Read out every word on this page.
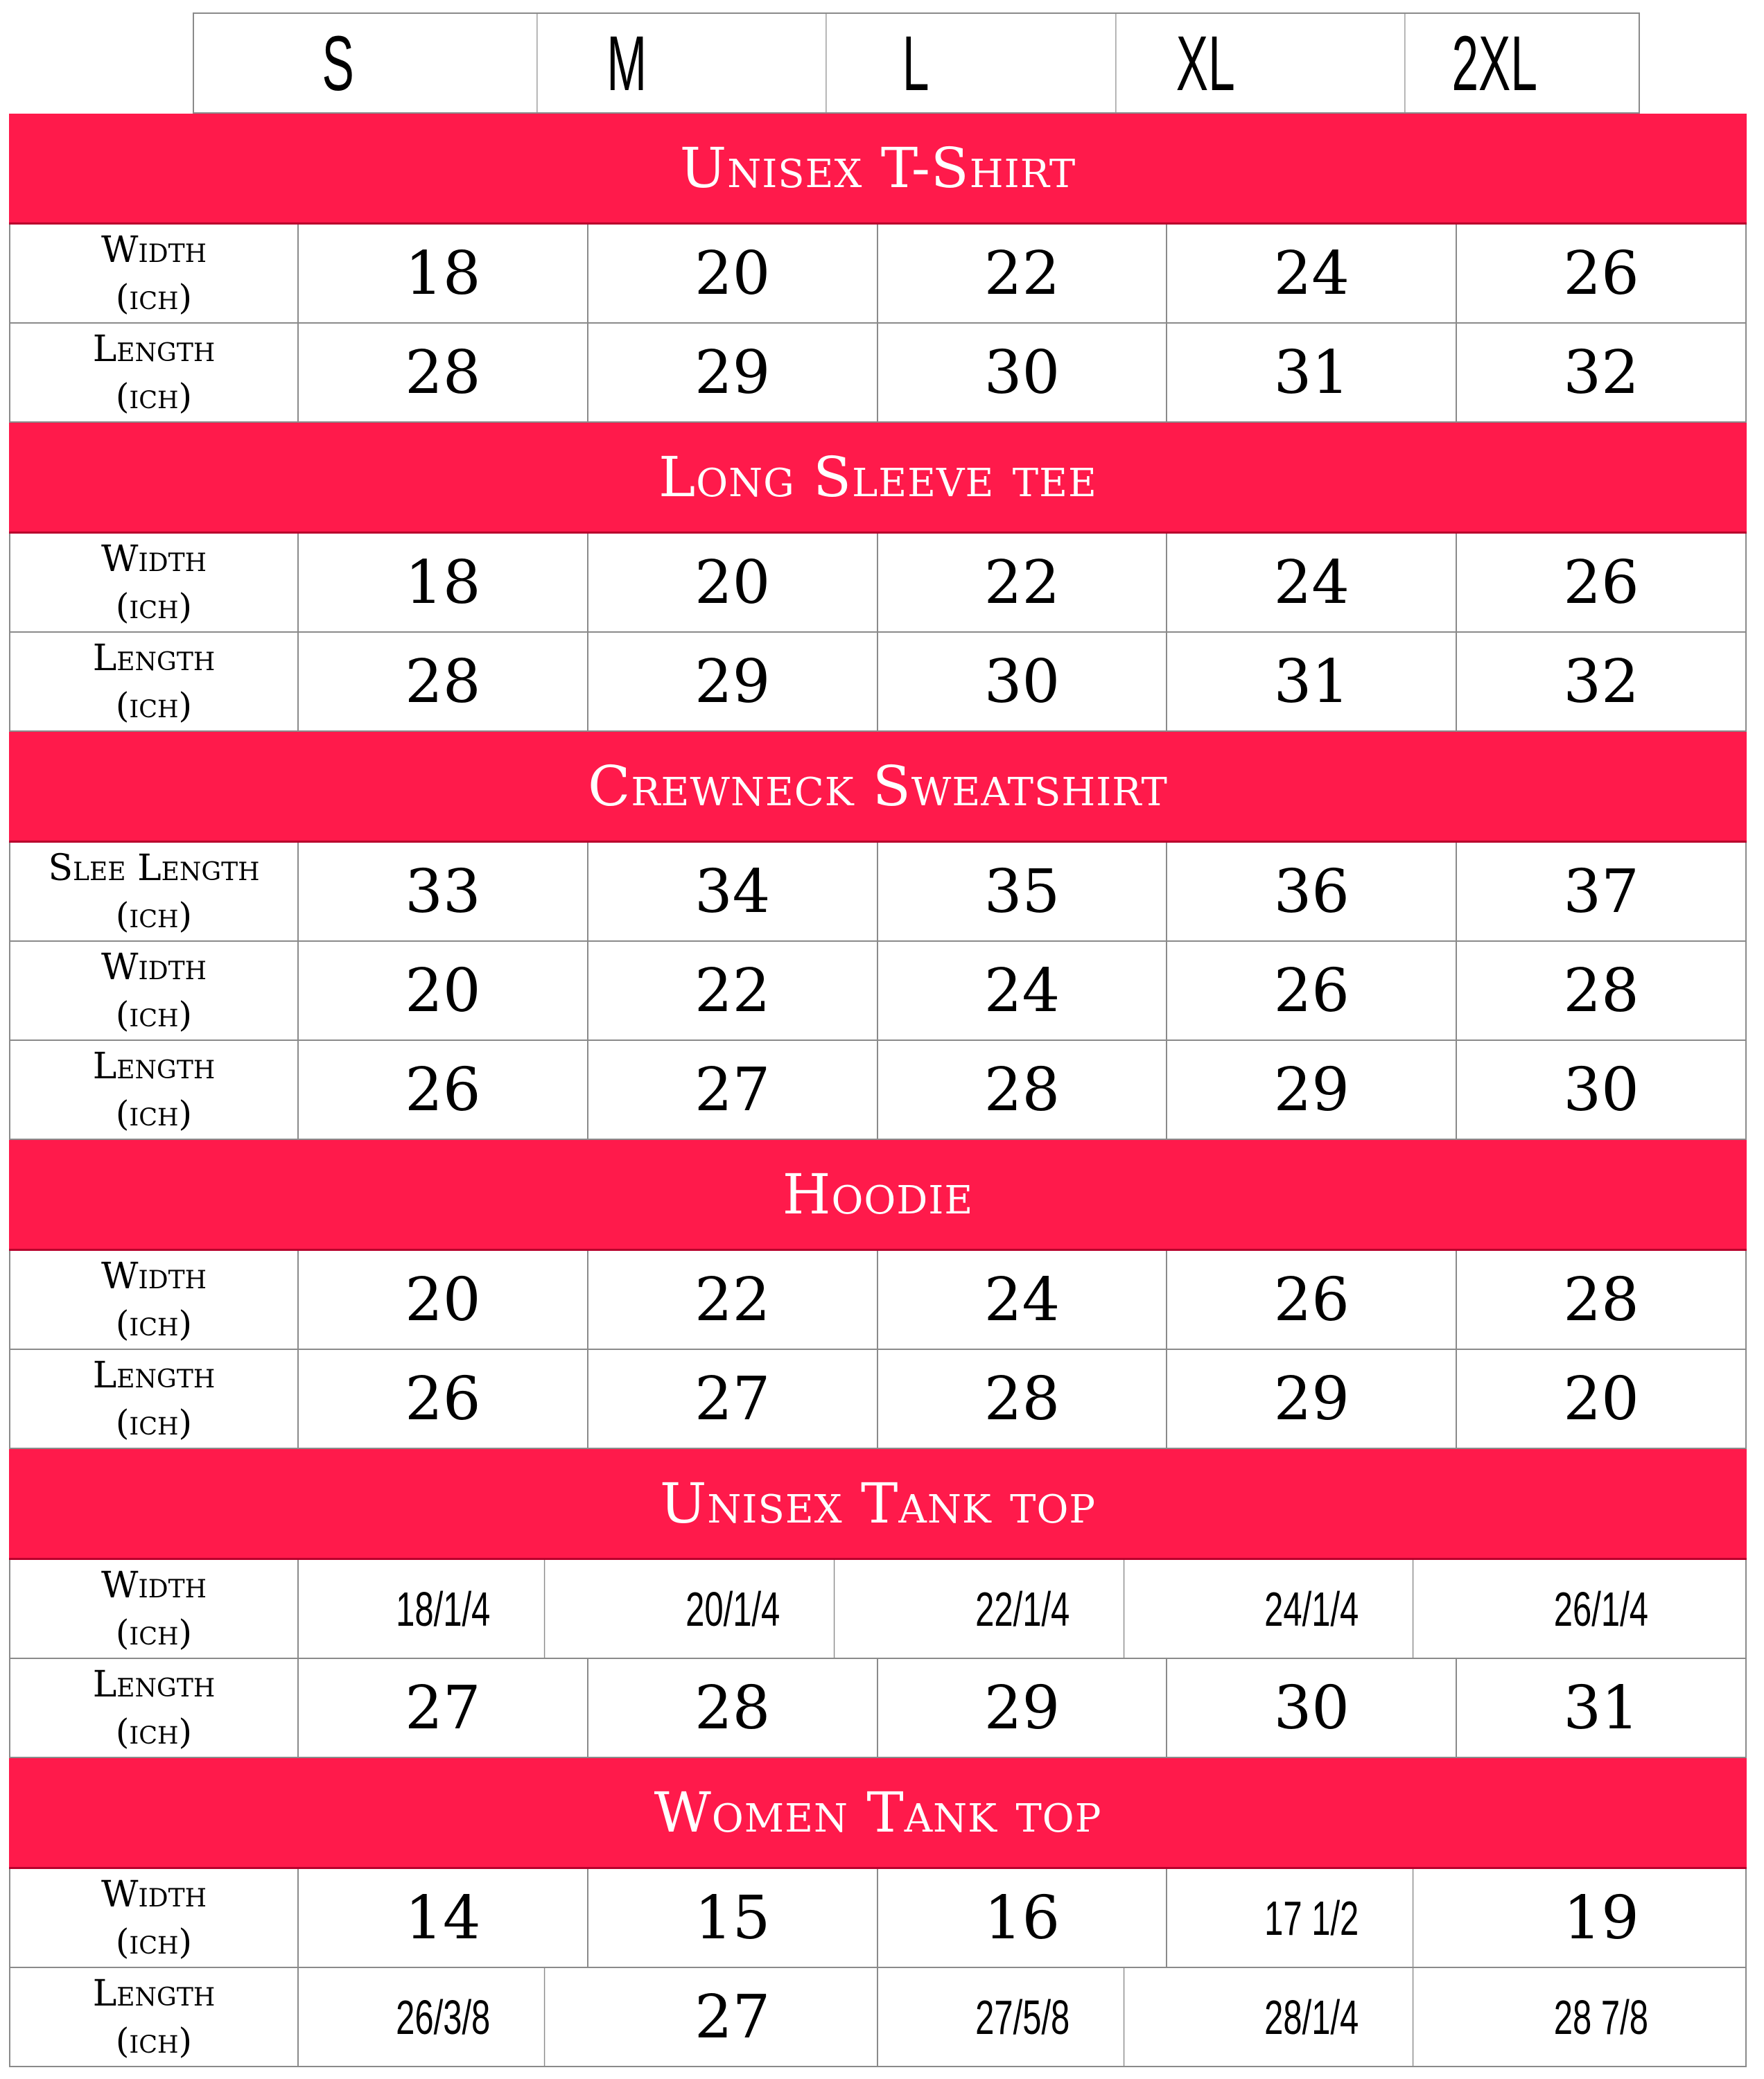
S	M	L	XL	2XL
Unisex T-Shirt
Width
(ich)	18	20	22	24	26
Length
(ich)	28	29	30	31	32
Long Sleeve tee
Width
(ich)	18	20	22	24	26
Length
(ich)	28	29	30	31	32
Crewneck Sweatshirt
Slee Length
(ich)	33	34	35	36	37
Width
(ich)	20	22	24	26	28
Length
(ich)	26	27	28	29	30
Hoodie
Width
(ich)	20	22	24	26	28
Length
(ich)	26	27	28	29	20
Unisex Tank top
Width
(ich)	18/1/4	20/1/4	22/1/4	24/1/4	26/1/4
Length
(ich)	27	28	29	30	31
Women Tank top
Width
(ich)	14	15	16	17 1/2	19
Length
(ich)	26/3/8	27	27/5/8	28/1/4	28 7/8
